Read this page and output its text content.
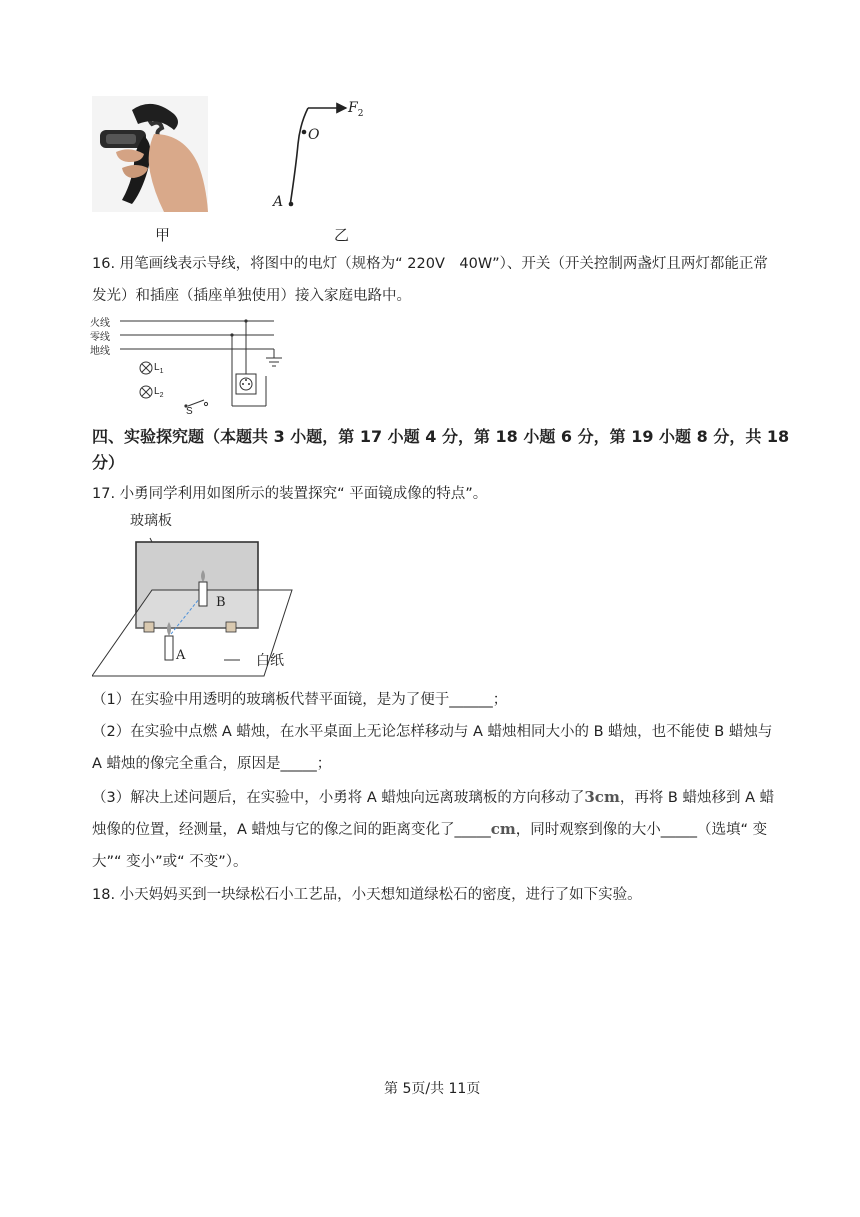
甲
$F_2$
O
A
乙
16. 用笔画线表示导线，将图中的电灯（规格为“ 220V　40W”）、开关（开关控制两盏灯且两灯都能正常
发光）和插座（插座单独使用）接入家庭电路中。
火线
零线
地线
$L_1$
$L_2$
S
四、实验探究题（本题共 3 小题，第 17 小题 4 分，第 18 小题 6 分，第 19 小题 8 分，共 18
分）
17. 小勇同学利用如图所示的装置探究“ 平面镜成像的特点”。
玻璃板
B
A	白纸
（1）在实验中用透明的玻璃板代替平面镜，是为了便于______；
（2）在实验中点燃 A 蜡烛，在水平桌面上无论怎样移动与 A 蜡烛相同大小的 B 蜡烛，也不能使 B 蜡烛与
A 蜡烛的像完全重合，原因是_____；
（3）解决上述问题后，在实验中，小勇将 A 蜡烛向远离玻璃板的方向移动了3cm，再将 B 蜡烛移到 A 蜡
烛像的位置，经测量，A 蜡烛与它的像之间的距离变化了_____cm，同时观察到像的大小_____（选填“ 变
大”“ 变小”或“ 不变”）。
18. 小天妈妈买到一块绿松石小工艺品，小天想知道绿松石的密度，进行了如下实验。
第 5页/共 11页
